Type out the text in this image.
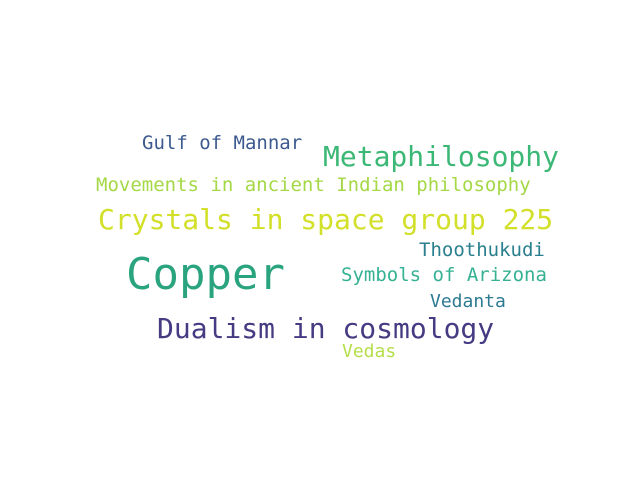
Copper
Crystals in space group 225
Dualism in cosmology
Metaphilosophy
Movements in ancient Indian philosophy
Gulf of Mannar
Symbols of Arizona
Thoothukudi
Vedanta
Vedas
